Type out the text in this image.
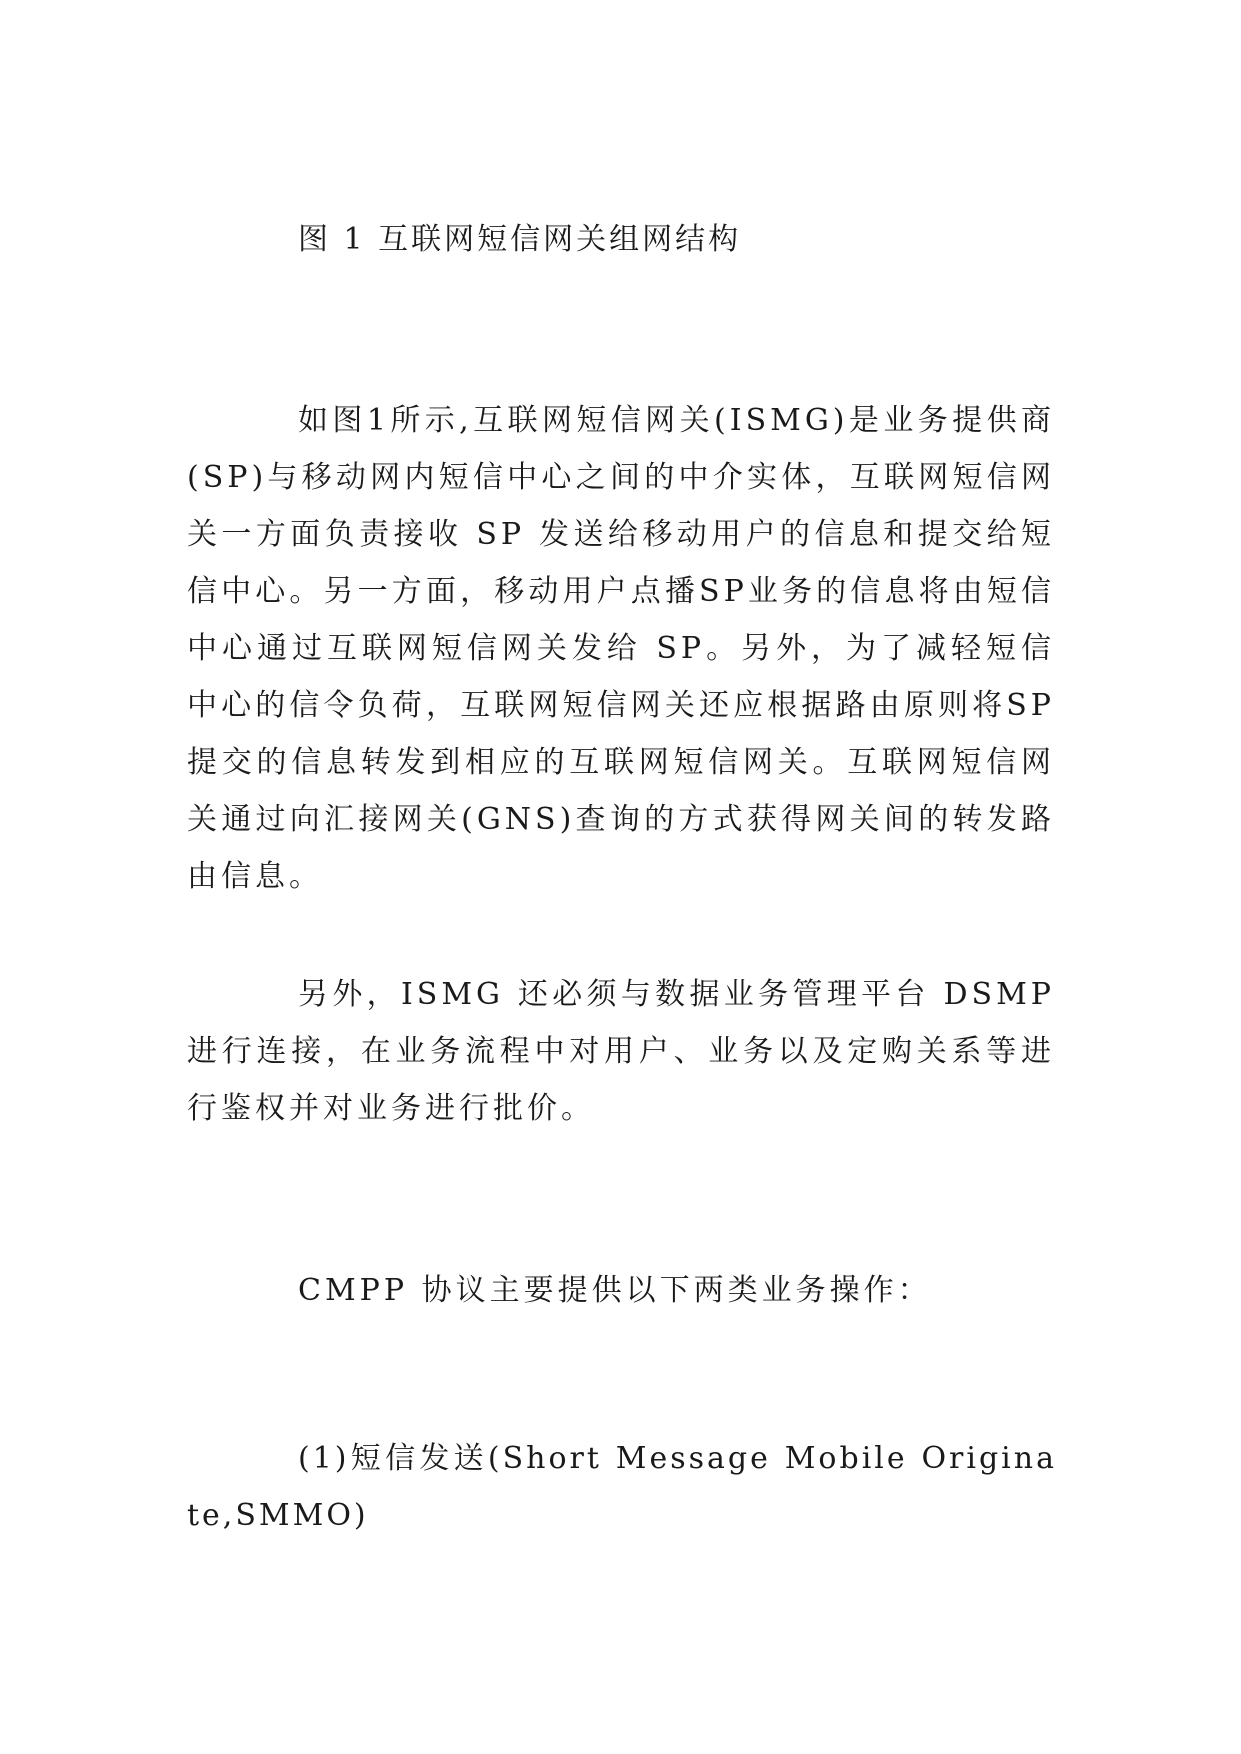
图 1 互联网短信网关组网结构

如图1所示,互联网短信网关(ISMG)是业务提供商(SP)与移动网内短信中心之间的中介实体，互联网短信网关一方面负责接收 SP 发送给移动用户的信息和提交给短信中心。另一方面，移动用户点播SP业务的信息将由短信中心通过互联网短信网关发给 SP。另外，为了减轻短信中心的信令负荷，互联网短信网关还应根据路由原则将SP提交的信息转发到相应的互联网短信网关。互联网短信网关通过向汇接网关(GNS)查询的方式获得网关间的转发路由信息。

另外，ISMG 还必须与数据业务管理平台 DSMP 进行连接，在业务流程中对用户、业务以及定购关系等进行鉴权并对业务进行批价。

CMPP 协议主要提供以下两类业务操作：

(1)短信发送(Short Message Mobile Originate,SMMO)
